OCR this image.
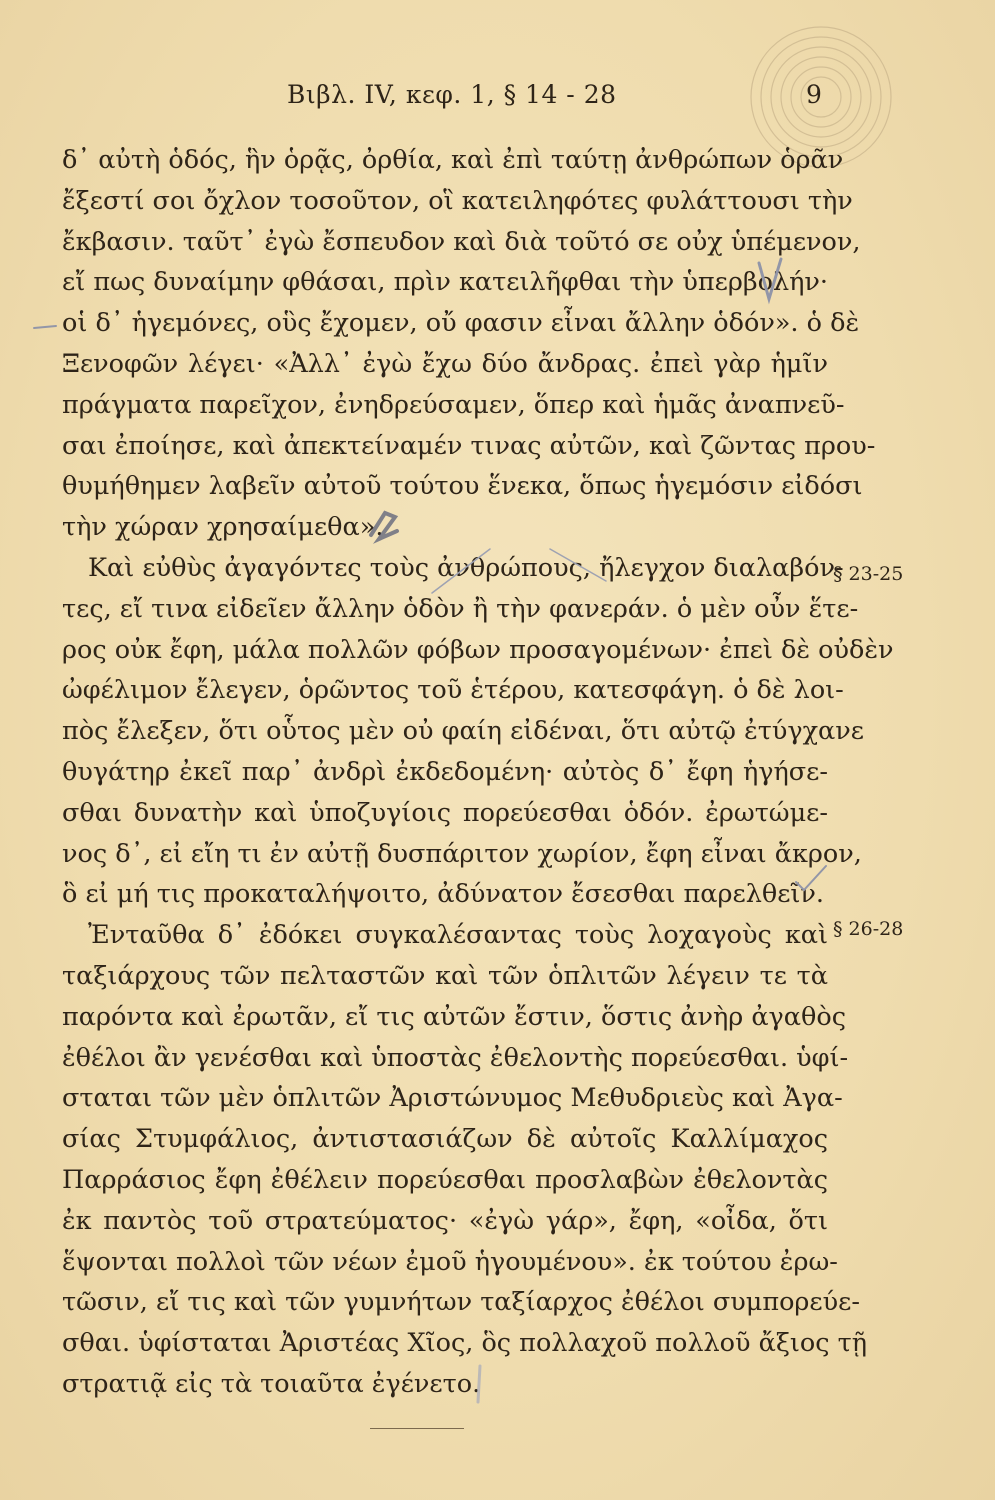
Βιβλ. IV, κεφ. 1, § 14 - 28	9
δ᾽ αὐτὴ ὁδός, ἣν ὁρᾷς, ὀρθία, καὶ ἐπὶ ταύτῃ ἀνθρώπων ὁρᾶν
ἔξεστί σοι ὄχλον τοσοῦτον, οἳ κατειληφότες φυλάττουσι τὴν
ἔκβασιν. ταῦτ᾽ ἐγὼ ἔσπευδον καὶ διὰ τοῦτό σε οὐχ ὑπέμενον,
εἴ πως δυναίμην φθάσαι, πρὶν κατειλῆφθαι τὴν ὑπερβολήν·
οἱ δ᾽ ἡγεμόνες, οὓς ἔχομεν, οὔ φασιν εἶναι ἄλλην ὁδόν». ὁ δὲ
Ξενοφῶν λέγει· «Ἀλλ᾽ ἐγὼ ἔχω δύο ἄνδρας. ἐπεὶ γὰρ ἡμῖν
πράγματα παρεῖχον, ἐνηδρεύσαμεν, ὅπερ καὶ ἡμᾶς ἀναπνεῦ-
σαι ἐποίησε, καὶ ἀπεκτείναμέν τινας αὐτῶν, καὶ ζῶντας πρου-
θυμήθημεν λαβεῖν αὐτοῦ τούτου ἕνεκα, ὅπως ἡγεμόσιν εἰδόσι
τὴν χώραν χρησαίμεθα».
Καὶ εὐθὺς ἀγαγόντες τοὺς ἀνθρώπους, ἤλεγχον διαλαβόν-
τες, εἴ τινα εἰδεῖεν ἄλλην ὁδὸν ἢ τὴν φανεράν. ὁ μὲν οὖν ἕτε-
ρος οὐκ ἔφη, μάλα πολλῶν φόβων προσαγομένων· ἐπεὶ δὲ οὐδὲν
ὠφέλιμον ἔλεγεν, ὁρῶντος τοῦ ἑτέρου, κατεσφάγη. ὁ δὲ λοι-
πὸς ἔλεξεν, ὅτι οὗτος μὲν οὐ φαίη εἰδέναι, ὅτι αὐτῷ ἐτύγχανε
θυγάτηρ ἐκεῖ παρ᾽ ἀνδρὶ ἐκδεδομένη· αὐτὸς δ᾽ ἔφη ἡγήσε-
σθαι δυνατὴν καὶ ὑποζυγίοις πορεύεσθαι ὁδόν. ἐρωτώμε-
νος δ᾽, εἰ εἴη τι ἐν αὐτῇ δυσπάριτον χωρίον, ἔφη εἶναι ἄκρον,
ὃ εἰ μή τις προκαταλήψοιτο, ἀδύνατον ἔσεσθαι παρελθεῖν.
Ἐνταῦθα δ᾽ ἐδόκει συγκαλέσαντας τοὺς λοχαγοὺς καὶ
ταξιάρχους τῶν πελταστῶν καὶ τῶν ὁπλιτῶν λέγειν τε τὰ
παρόντα καὶ ἐρωτᾶν, εἴ τις αὐτῶν ἔστιν, ὅστις ἀνὴρ ἀγαθὸς
ἐθέλοι ἂν γενέσθαι καὶ ὑποστὰς ἐθελοντὴς πορεύεσθαι. ὑφί-
σταται τῶν μὲν ὁπλιτῶν Ἀριστώνυμος Μεθυδριεὺς καὶ Ἀγα-
σίας Στυμφάλιος, ἀντιστασιάζων δὲ αὐτοῖς Καλλίμαχος
Παρράσιος ἔφη ἐθέλειν πορεύεσθαι προσλαβὼν ἐθελοντὰς
ἐκ παντὸς τοῦ στρατεύματος· «ἐγὼ γάρ», ἔφη, «οἶδα, ὅτι
ἕψονται πολλοὶ τῶν νέων ἐμοῦ ἡγουμένου». ἐκ τούτου ἐρω-
τῶσιν, εἴ τις καὶ τῶν γυμνήτων ταξίαρχος ἐθέλοι συμπορεύε-
σθαι. ὑφίσταται Ἀριστέας Χῖος, ὃς πολλαχοῦ πολλοῦ ἄξιος τῇ
στρατιᾷ εἰς τὰ τοιαῦτα ἐγένετο.
§ 23-25
§ 26-28
